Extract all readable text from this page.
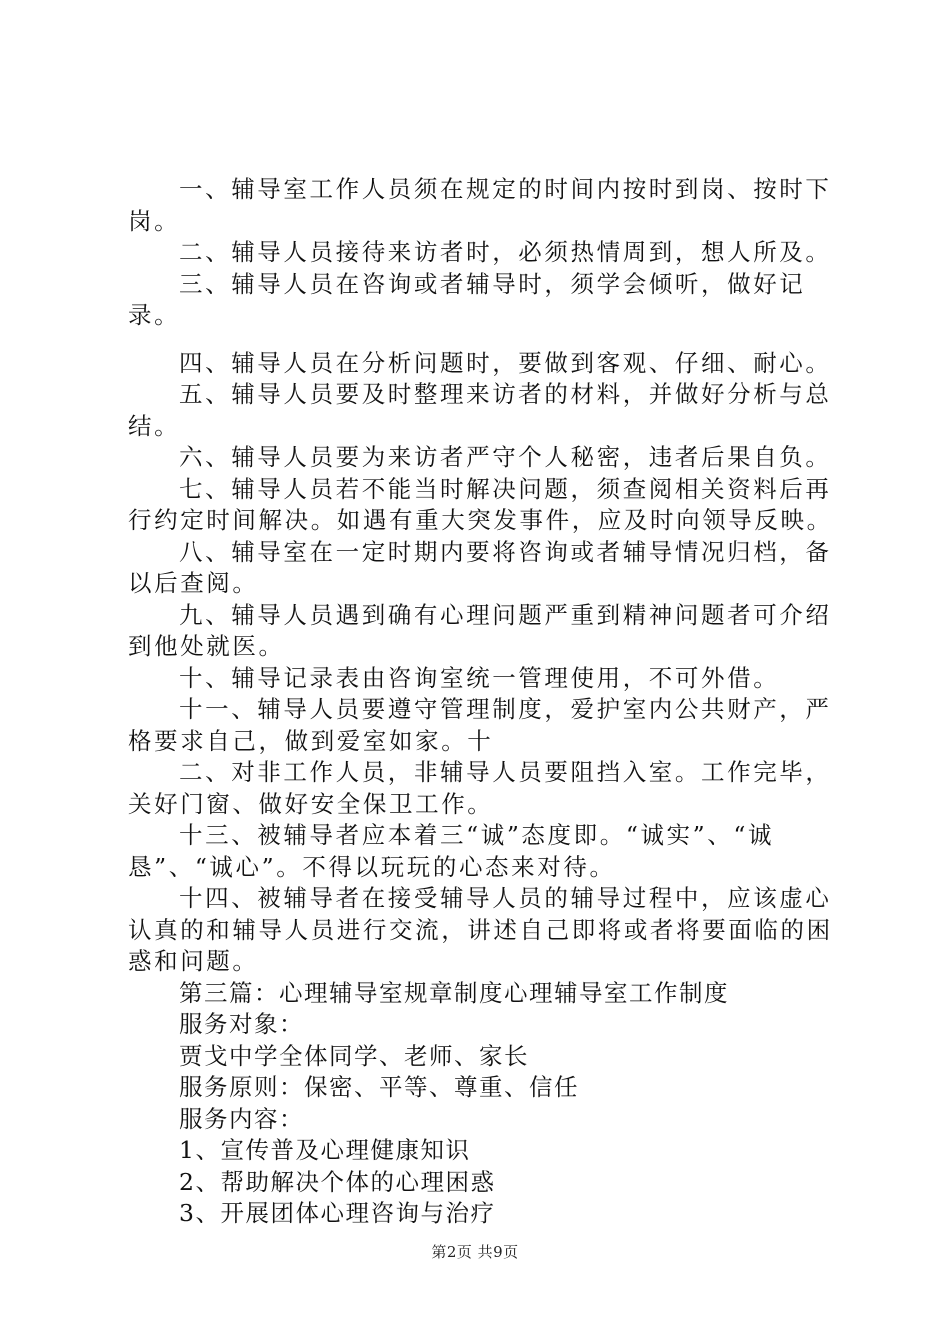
一、辅导室工作人员须在规定的时间内按时到岗、按时下岗。

二、辅导人员接待来访者时，必须热情周到，想人所及。

三、辅导人员在咨询或者辅导时，须学会倾听，做好记录。

四、辅导人员在分析问题时，要做到客观、仔细、耐心。

五、辅导人员要及时整理来访者的材料，并做好分析与总结。

六、辅导人员要为来访者严守个人秘密，违者后果自负。

七、辅导人员若不能当时解决问题，须查阅相关资料后再行约定时间解决。如遇有重大突发事件，应及时向领导反映。

八、辅导室在一定时期内要将咨询或者辅导情况归档，备以后查阅。

九、辅导人员遇到确有心理问题严重到精神问题者可介绍到他处就医。

十、辅导记录表由咨询室统一管理使用，不可外借。

十一、辅导人员要遵守管理制度，爱护室内公共财产，严格要求自己，做到爱室如家。十

二、对非工作人员，非辅导人员要阻挡入室。工作完毕，关好门窗、做好安全保卫工作。

十三、被辅导者应本着三“诚”态度即。“诚实”、“诚恳”、“诚心”。不得以玩玩的心态来对待。

十四、被辅导者在接受辅导人员的辅导过程中，应该虚心认真的和辅导人员进行交流，讲述自己即将或者将要面临的困惑和问题。

第三篇：心理辅导室规章制度心理辅导室工作制度

服务对象：

贾戈中学全体同学、老师、家长

服务原则：保密、平等、尊重、信任

服务内容：

1、宣传普及心理健康知识

2、帮助解决个体的心理困惑

3、开展团体心理咨询与治疗

第2页 共9页
